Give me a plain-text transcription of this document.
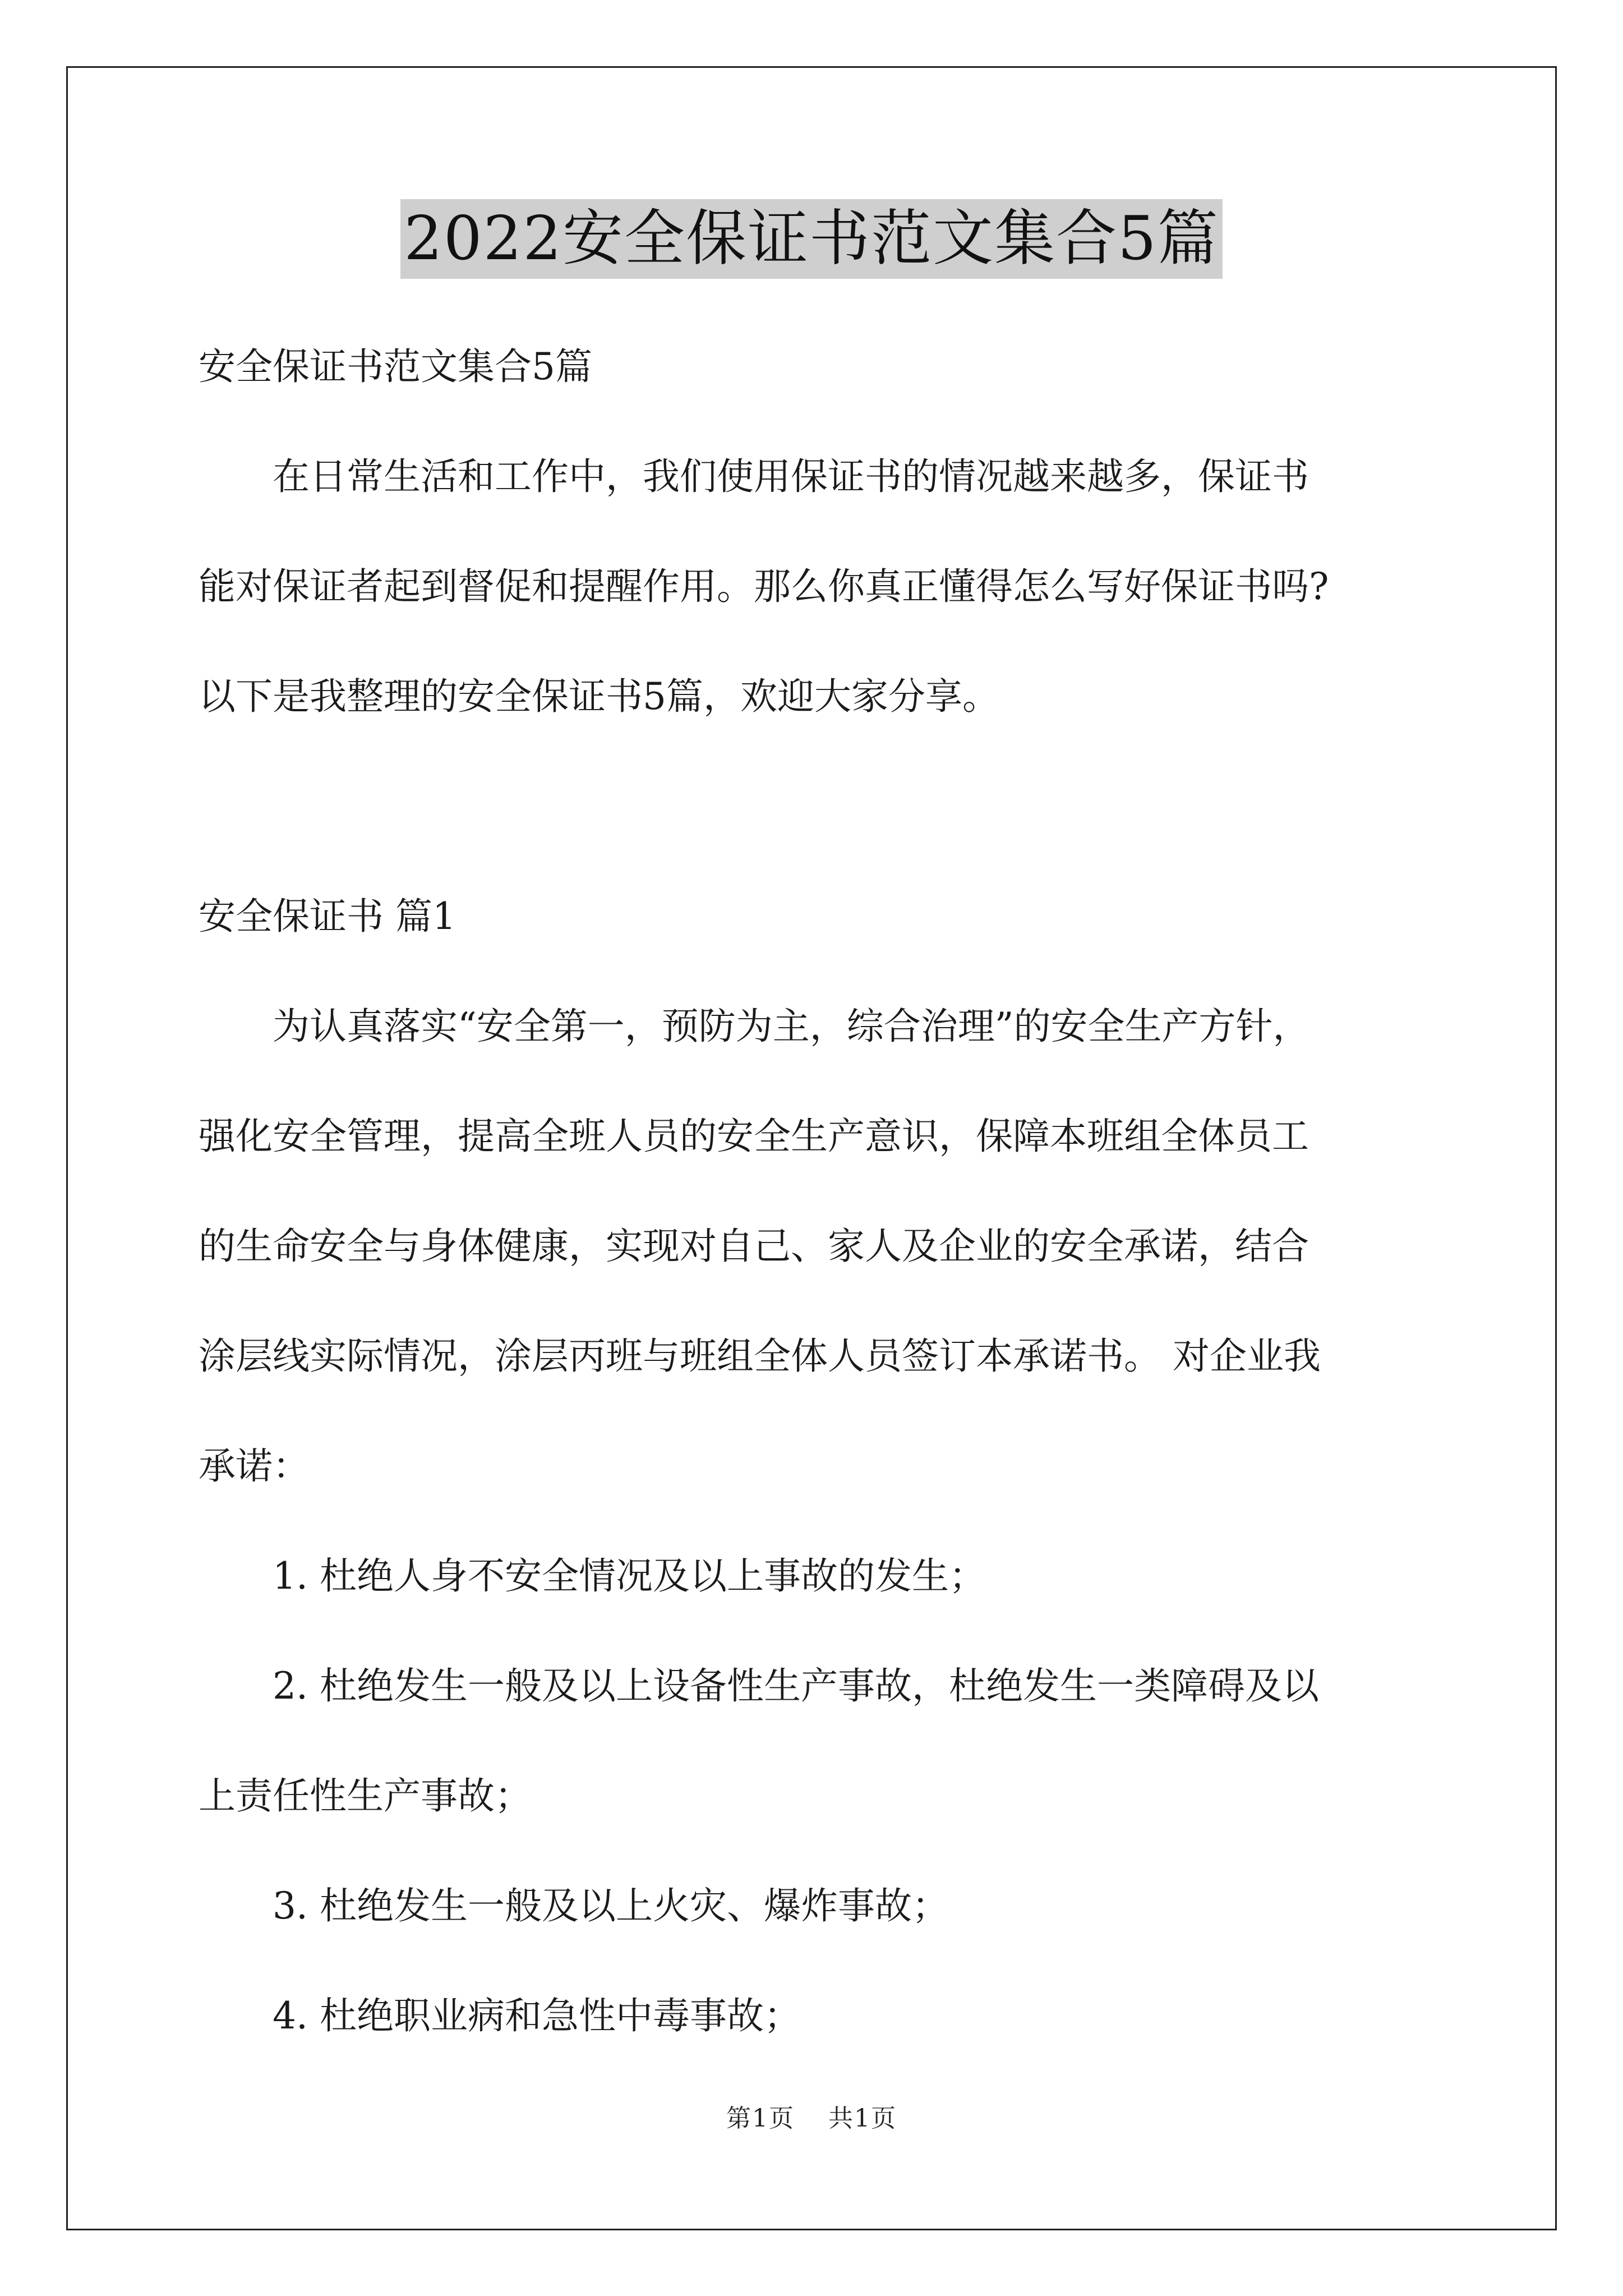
2022安全保证书范文集合5篇

安全保证书范文集合5篇

在日常生活和工作中，我们使用保证书的情况越来越多，保证书

能对保证者起到督促和提醒作用。那么你真正懂得怎么写好保证书吗?

以下是我整理的安全保证书5篇，欢迎大家分享。

安全保证书 篇1

为认真落实“安全第一，预防为主，综合治理”的安全生产方针，

强化安全管理，提高全班人员的安全生产意识，保障本班组全体员工

的生命安全与身体健康，实现对自己、家人及企业的安全承诺，结合

涂层线实际情况，涂层丙班与班组全体人员签订本承诺书。 对企业我

承诺：

1. 杜绝人身不安全情况及以上事故的发生；

2. 杜绝发生一般及以上设备性生产事故，杜绝发生一类障碍及以

上责任性生产事故；

3. 杜绝发生一般及以上火灾、爆炸事故；

4. 杜绝职业病和急性中毒事故；

第1页 共1页
